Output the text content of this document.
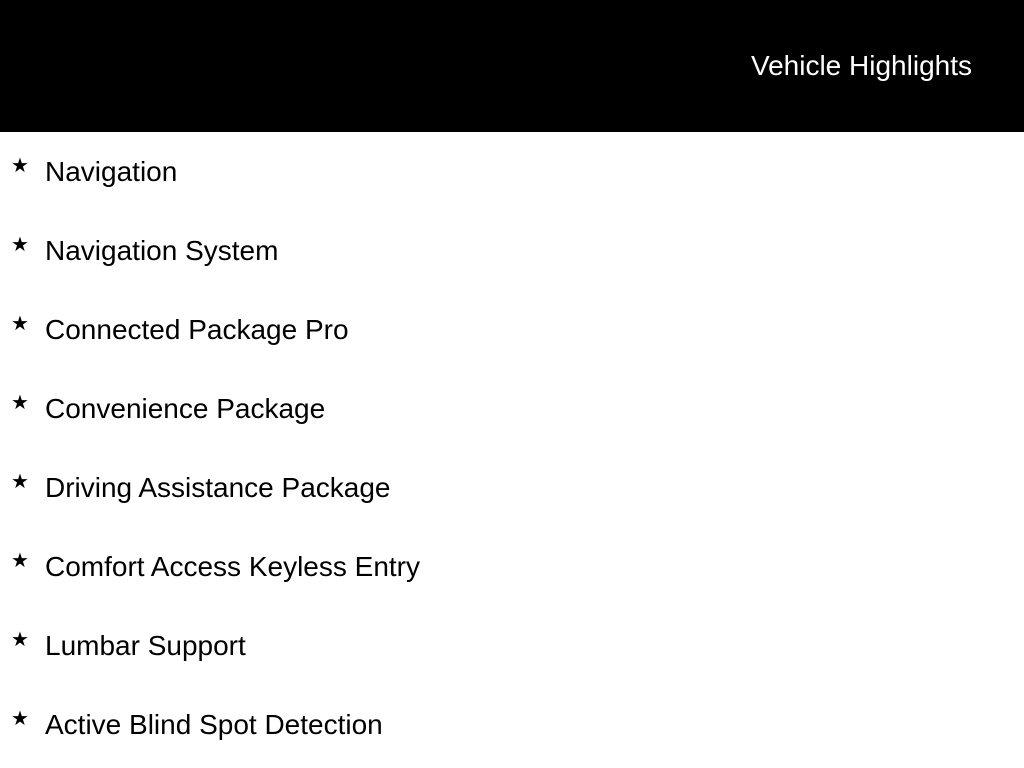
Vehicle Highlights
★ Navigation
★ Navigation System
★ Connected Package Pro
★ Convenience Package
★ Driving Assistance Package
★ Comfort Access Keyless Entry
★ Lumbar Support
★ Active Blind Spot Detection
